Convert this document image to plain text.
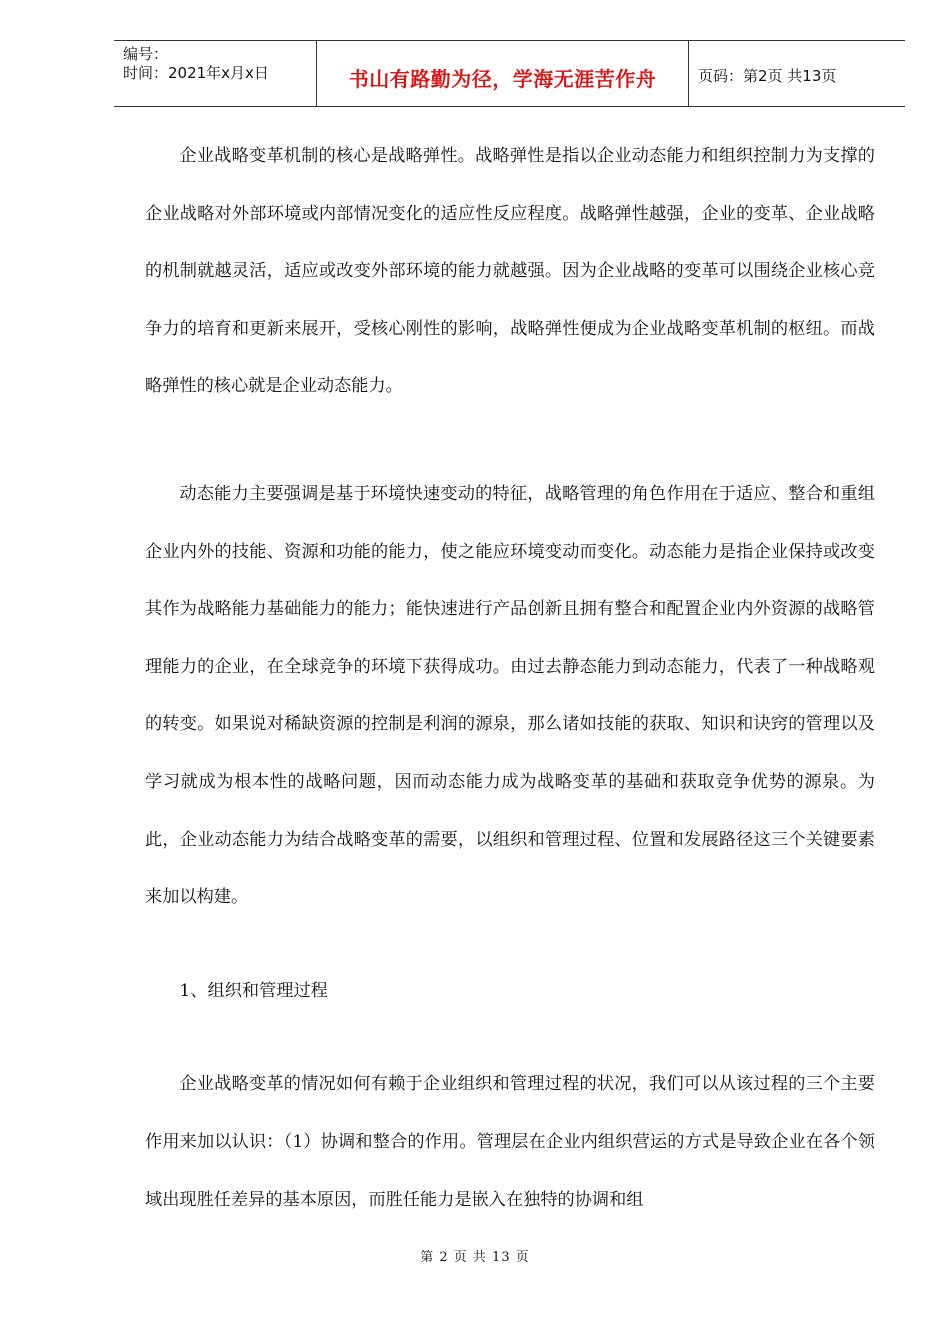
编号：
时间：2021年x月x日	书山有路勤为径，学海无涯苦作舟	页码：第2页 共13页

企业战略变革机制的核心是战略弹性。战略弹性是指以企业动态能力和组织控制力为支撑的企业战略对外部环境或内部情况变化的适应性反应程度。战略弹性越强，企业的变革、企业战略的机制就越灵活，适应或改变外部环境的能力就越强。因为企业战略的变革可以围绕企业核心竞争力的培育和更新来展开，受核心刚性的影响，战略弹性便成为企业战略变革机制的枢纽。而战略弹性的核心就是企业动态能力。

动态能力主要强调是基于环境快速变动的特征，战略管理的角色作用在于适应、整合和重组企业内外的技能、资源和功能的能力，使之能应环境变动而变化。动态能力是指企业保持或改变其作为战略能力基础能力的能力；能快速进行产品创新且拥有整合和配置企业内外资源的战略管理能力的企业，在全球竞争的环境下获得成功。由过去静态能力到动态能力，代表了一种战略观的转变。如果说对稀缺资源的控制是利润的源泉，那么诸如技能的获取、知识和诀窍的管理以及学习就成为根本性的战略问题，因而动态能力成为战略变革的基础和获取竞争优势的源泉。为此，企业动态能力为结合战略变革的需要，以组织和管理过程、位置和发展路径这三个关键要素来加以构建。

1、组织和管理过程

企业战略变革的情况如何有赖于企业组织和管理过程的状况，我们可以从该过程的三个主要作用来加以认识：（1）协调和整合的作用。管理层在企业内组织营运的方式是导致企业在各个领域出现胜任差异的基本原因，而胜任能力是嵌入在独特的协调和组

第 2 页 共 13 页
